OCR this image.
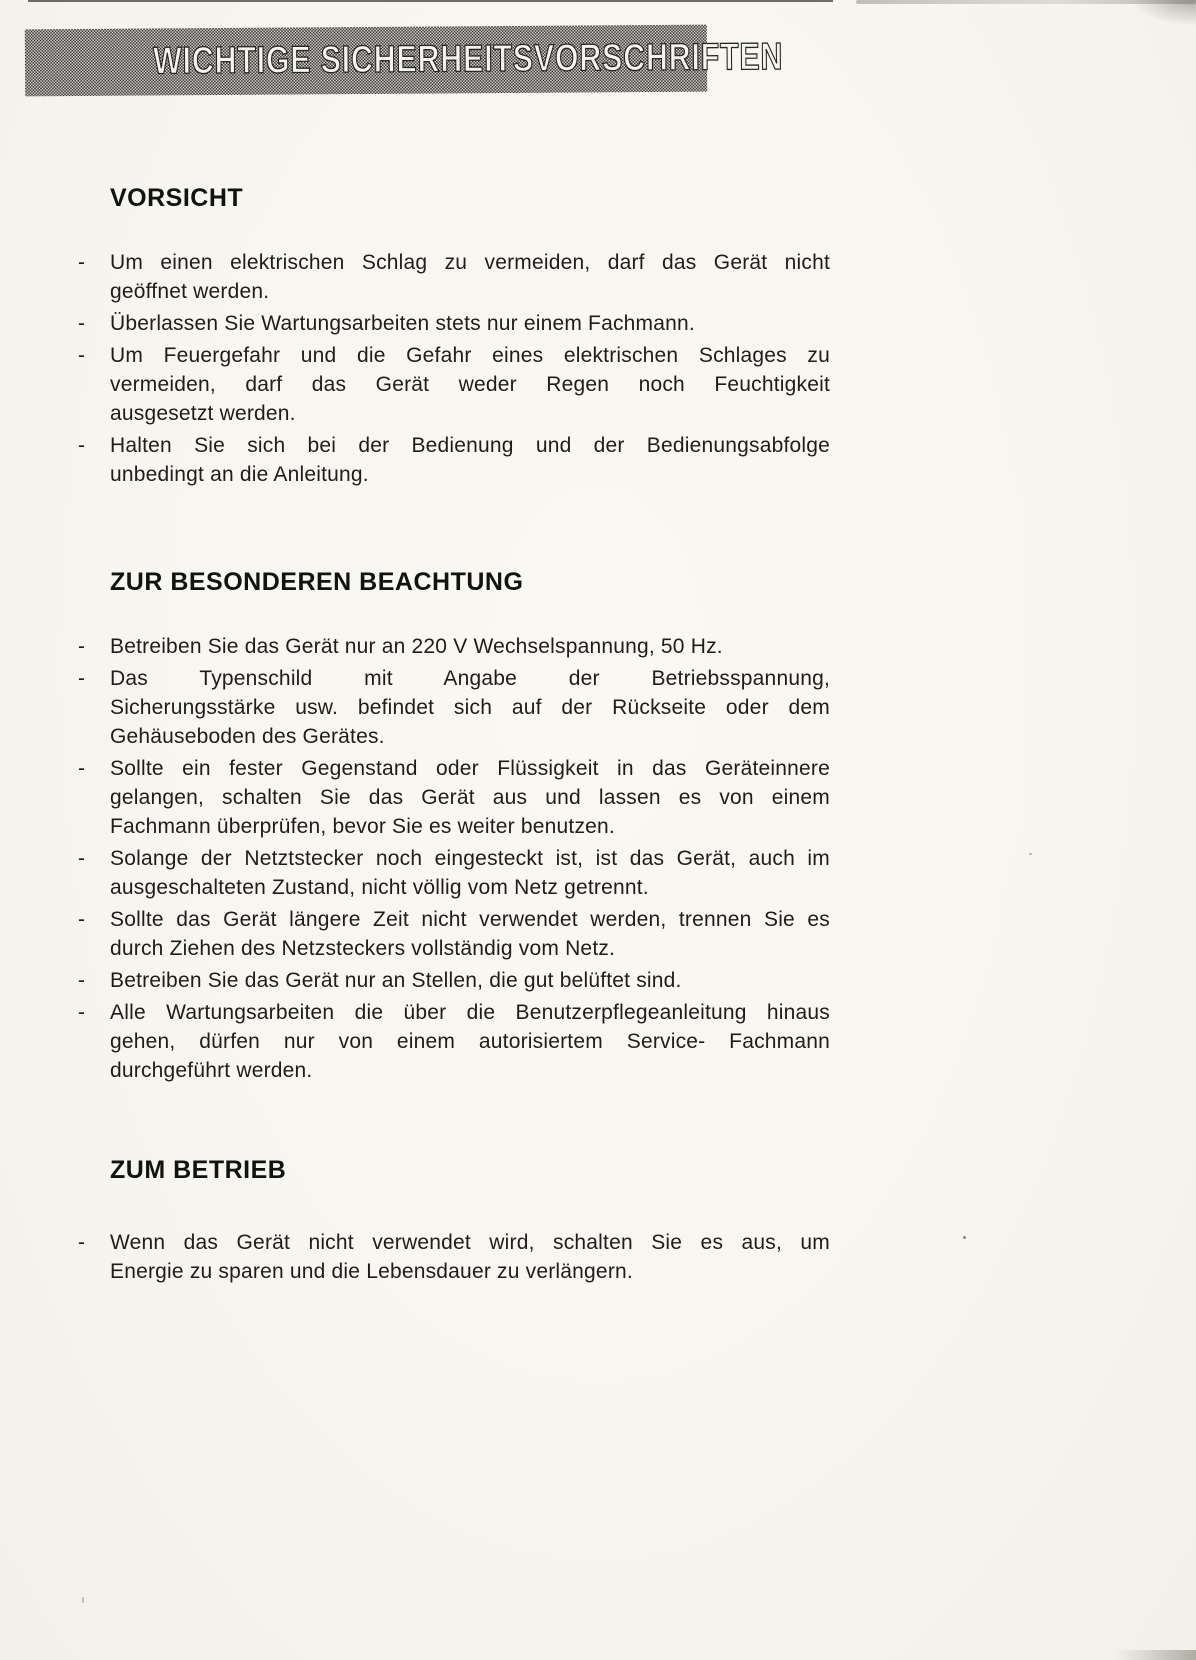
WICHTIGE SICHERHEITSVORSCHRIFTEN
VORSICHT
-	Um einen elektrischen Schlag zu vermeiden, darf das Gerät nicht
geöffnet werden.
-	Überlassen Sie Wartungsarbeiten stets nur einem Fachmann.
-	Um Feuergefahr und die Gefahr eines elektrischen Schlages zu
vermeiden, darf das Gerät weder Regen noch Feuchtigkeit
ausgesetzt werden.
-	Halten Sie sich bei der Bedienung und der Bedienungsabfolge
unbedingt an die Anleitung.
ZUR BESONDEREN BEACHTUNG
-	Betreiben Sie das Gerät nur an 220 V Wechselspannung, 50 Hz.
-	Das Typenschild mit Angabe der Betriebsspannung,
Sicherungsstärke usw. befindet sich auf der Rückseite oder dem
Gehäuseboden des Gerätes.
-	Sollte ein fester Gegenstand oder Flüssigkeit in das Geräteinnere
gelangen, schalten Sie das Gerät aus und lassen es von einem
Fachmann überprüfen, bevor Sie es weiter benutzen.
-	Solange der Netztstecker noch eingesteckt ist, ist das Gerät, auch im
ausgeschalteten Zustand, nicht völlig vom Netz getrennt.
-	Sollte das Gerät längere Zeit nicht verwendet werden, trennen Sie es
durch Ziehen des Netzsteckers vollständig vom Netz.
-	Betreiben Sie das Gerät nur an Stellen, die gut belüftet sind.
-	Alle Wartungsarbeiten die über die Benutzerpflegeanleitung hinaus
gehen, dürfen nur von einem autorisiertem Service- Fachmann
durchgeführt werden.
ZUM BETRIEB
-	Wenn das Gerät nicht verwendet wird, schalten Sie es aus, um
Energie zu sparen und die Lebensdauer zu verlängern.
